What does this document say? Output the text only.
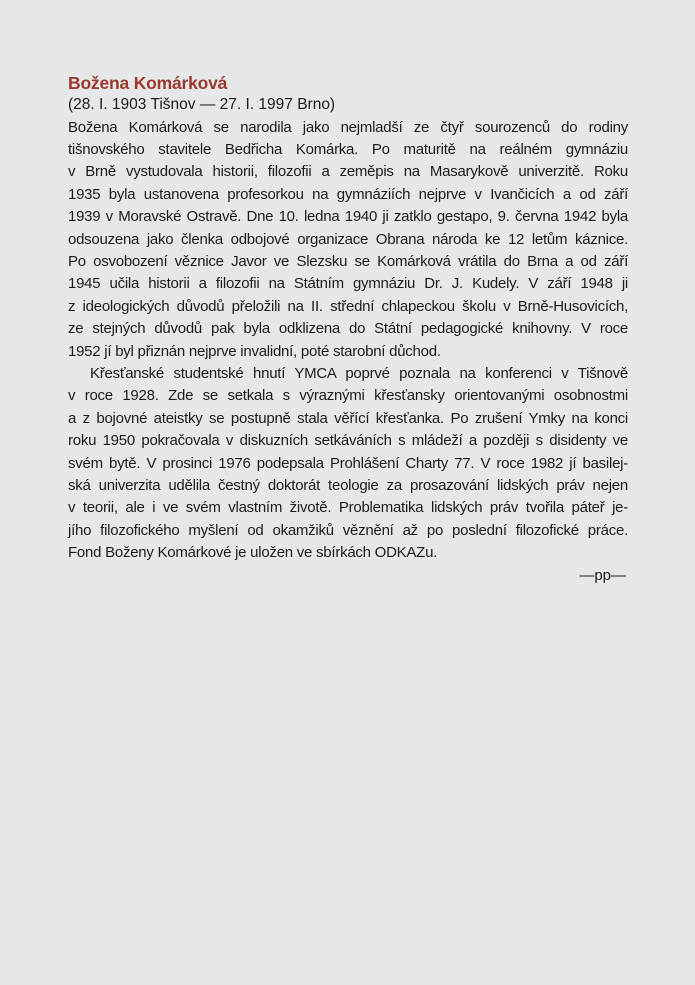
Božena Komárková

(28. I. 1903 Tišnov — 27. I. 1997 Brno)

Božena Komárková se narodila jako nejmladší ze čtyř sourozenců do rodiny
tišnovského stavitele Bedřicha Komárka. Po maturitě na reálném gymnáziu
v Brně vystudovala historii, filozofii a zeměpis na Masarykově univerzitě. Roku
1935 byla ustanovena profesorkou na gymnáziích nejprve v Ivančicích a od září
1939 v Moravské Ostravě. Dne 10. ledna 1940 ji zatklo gestapo, 9. června 1942 byla
odsouzena jako členka odbojové organizace Obrana národa ke 12 letům káznice.
Po osvobození věznice Javor ve Slezsku se Komárková vrátila do Brna a od září
1945 učila historii a filozofii na Státním gymnáziu Dr. J. Kudely. V září 1948 ji
z ideologických důvodů přeložili na II. střední chlapeckou školu v Brně-Husovicích,
ze stejných důvodů pak byla odklizena do Státní pedagogické knihovny. V roce
1952 jí byl přiznán nejprve invalidní, poté starobní důchod.

Křesťanské studentské hnutí YMCA poprvé poznala na konferenci v Tišnově
v roce 1928. Zde se setkala s výraznými křesťansky orientovanými osobnostmi
a z bojovné ateistky se postupně stala věřící křesťanka. Po zrušení Ymky na konci
roku 1950 pokračovala v diskuzních setkáváních s mládeží a později s disidenty ve
svém bytě. V prosinci 1976 podepsala Prohlášení Charty 77. V roce 1982 jí basilej-
ská univerzita udělila čestný doktorát teologie za prosazování lidských práv nejen
v teorii, ale i ve svém vlastním životě. Problematika lidských práv tvořila páteř je-
jího filozofického myšlení od okamžiků věznění až po poslední filozofické práce.
Fond Boženy Komárkové je uložen ve sbírkách ODKAZu.

—pp—
